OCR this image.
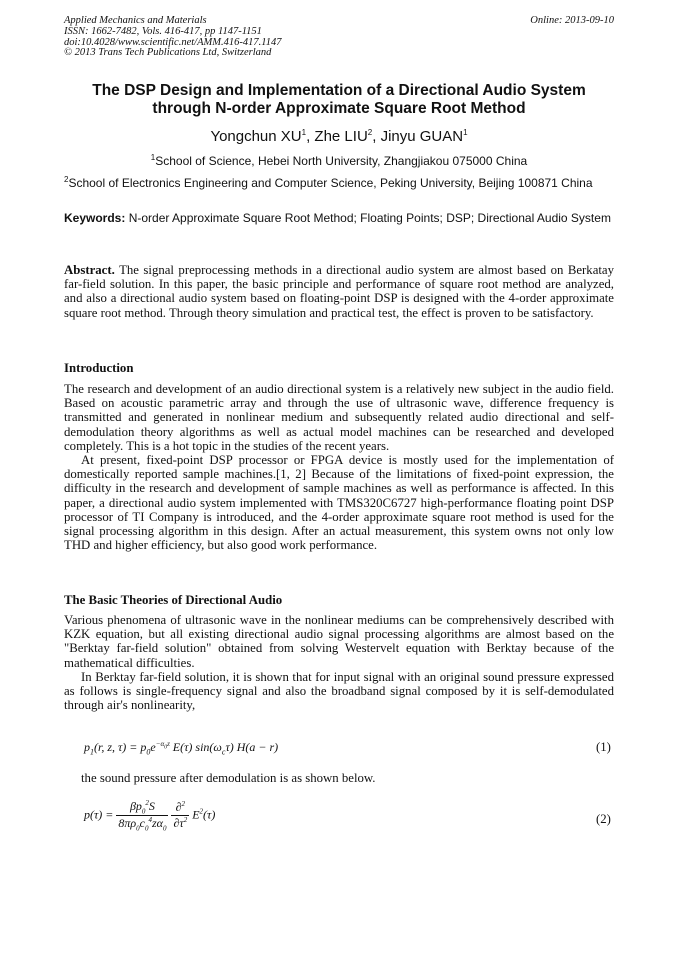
Applied Mechanics and Materials
ISSN: 1662-7482, Vols. 416-417, pp 1147-1151
doi:10.4028/www.scientific.net/AMM.416-417.1147
© 2013 Trans Tech Publications Ltd, Switzerland
Online: 2013-09-10
The DSP Design and Implementation of a Directional Audio System through N-order Approximate Square Root Method
Yongchun $XU^1$, Zhe LIU$^2$, Jinyu GUAN$^1$
$^1$School of Science, Hebei North University, Zhangjiakou 075000 China
$^2$School of Electronics Engineering and Computer Science, Peking University, Beijing 100871 China
Keywords: N-order Approximate Square Root Method; Floating Points; DSP; Directional Audio System
Abstract. The signal preprocessing methods in a directional audio system are almost based on Berkatay far-field solution. In this paper, the basic principle and performance of square root method are analyzed, and also a directional audio system based on floating-point DSP is designed with the 4-order approximate square root method. Through theory simulation and practical test, the effect is proven to be satisfactory.
Introduction

The research and development of an audio directional system is a relatively new subject in the audio field. Based on acoustic parametric array and through the use of ultrasonic wave, difference frequency is transmitted and generated in nonlinear medium and subsequently related audio directional and self-demodulation theory algorithms as well as actual model machines can be researched and developed completely. This is a hot topic in the studies of the recent years.

At present, fixed-point DSP processor or FPGA device is mostly used for the implementation of domestically reported sample machines.[1, 2] Because of the limitations of fixed-point expression, the difficulty in the research and development of sample machines as well as performance is affected. In this paper, a directional audio system implemented with TMS320C6727 high-performance floating point DSP processor of TI Company is introduced, and the 4-order approximate square root method is used for the signal processing algorithm in this design. After an actual measurement, this system owns not only low THD and higher efficiency, but also good work performance.

The Basic Theories of Directional Audio

Various phenomena of ultrasonic wave in the nonlinear mediums can be comprehensively described with KZK equation, but all existing directional audio signal processing algorithms are almost based on the "Berktay far-field solution" obtained from solving Westervelt equation with Berktay because of the mathematical difficulties.

In Berktay far-field solution, it is shown that for input signal with an original sound pressure expressed as follows is single-frequency signal and also the broadband signal composed by it is self-demodulated through air's nonlinearity,

$p_1(r$, z, $\tau) = p_0e^{-\alpha_0z}$ E(τ) $\sin(\omega_c\tau) H(a - r)$	(1)
the sound pressure after demodulation is as shown below.
$p(\tau) = \frac{\beta p_0^2S}{8\pi\rho_0c_0^4z\alpha_0}$
$\frac{\partial^2}{\partial\tau^2} E^2(\tau)$	(2)
